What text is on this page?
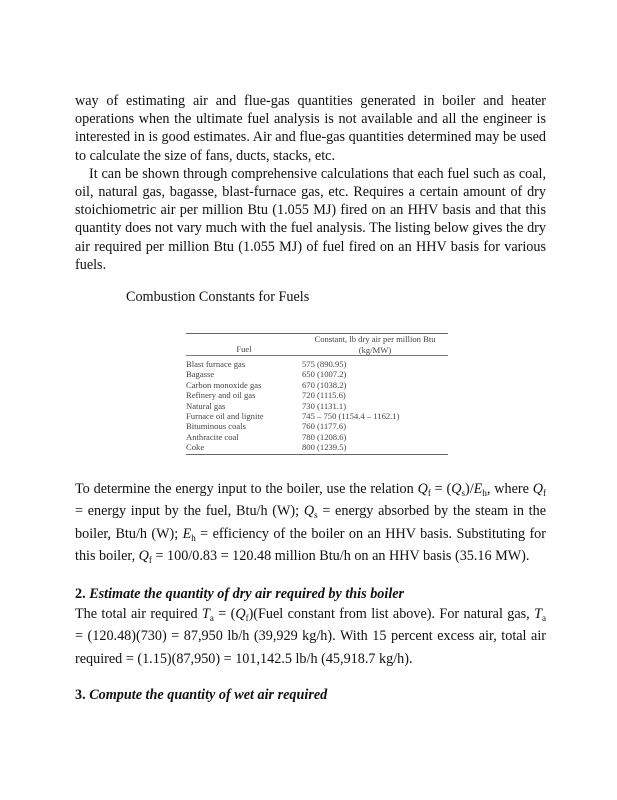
way of estimating air and flue-gas quantities generated in boiler and heater operations when the ultimate fuel analysis is not available and all the engineer is interested in is good estimates. Air and flue-gas quantities determined may be used to calculate the size of fans, ducts, stacks, etc.

It can be shown through comprehensive calculations that each fuel such as coal, oil, natural gas, bagasse, blast-furnace gas, etc. Requires a certain amount of dry stoichiometric air per million Btu (1.055 MJ) fired on an HHV basis and that this quantity does not vary much with the fuel analysis. The listing below gives the dry air required per million Btu (1.055 MJ) of fuel fired on an HHV basis for various fuels.

Combustion Constants for Fuels
Fuel	Constant, lb dry air per million Btu
(kg/MW)
Blast furnace gas	575 (890.95)
Bagasse	650 (1007.2)
Carbon monoxide gas	670 (1038.2)
Refinery and oil gas	720 (1115.6)
Natural gas	730 (1131.1)
Furnace oil and lignite	745 – 750 (1154.4 – 1162.1)
Bituminous coals	760 (1177.6)
Anthracite coal	780 (1208.6)
Coke	800 (1239.5)

To determine the energy input to the boiler, use the relation $Q_f = (Q_s)/E_h$, where $Q_f$ = energy input by the fuel, Btu/h (W); $Q_s$ = energy absorbed by the steam in the boiler, Btu/h (W); $E_h$ = efficiency of the boiler on an HHV basis. Substituting for this boiler, $Q_f = 100/0.83 = 120.48$ million Btu/h on an HHV basis (35.16 MW).

2. Estimate the quantity of dry air required by this boiler

The total air required $T_a$ = $(Q_f)(Fuel$ constant from list above). For natural gas, $T_a = (120.48)(730) = 87,950$ lb/h (39,929 kg/h). With 15 percent excess air, total air required = (1.15)(87,950) = 101,142.5 lb/h (45,918.7 kg/h).

3. Compute the quantity of wet air required
